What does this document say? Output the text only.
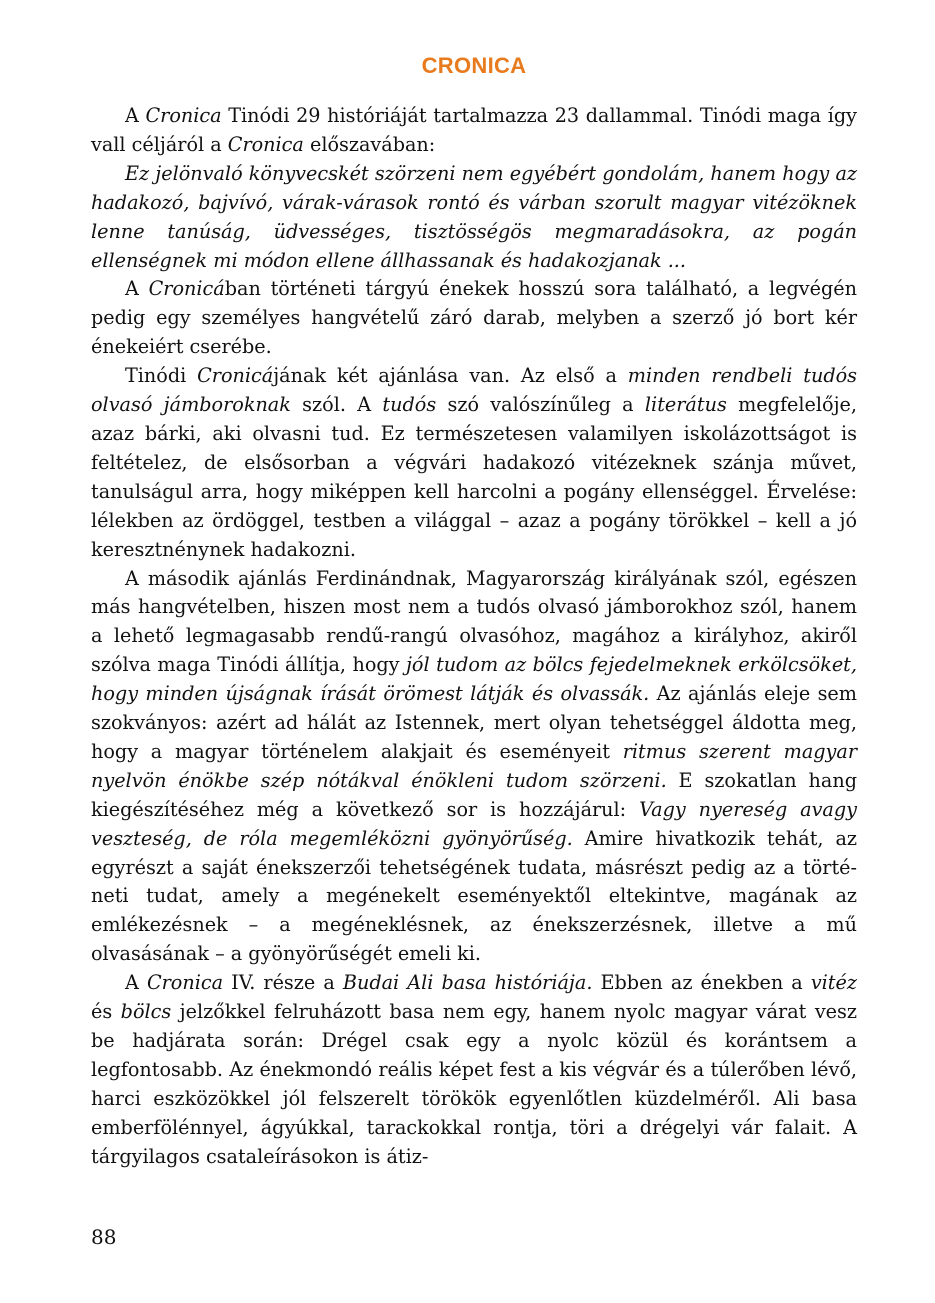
CRONICA

A Cronica Tinódi 29 históriáját tartalmazza 23 dallammal. Tinódi maga így vall céljáról a Cronica előszavában:

Ez jelönvaló könyvecskét szörzeni nem egyébért gondolám, hanem hogy az hadakozó, bajvívó, várak-várasok rontó és várban szorult magyar vitézöknek lenne tanúság, üdvességes, tisztösségös megmaradásokra, az pogán ellenségnek mi módon ellene állhassanak és hadakozjanak ...

A Cronicában történeti tárgyú énekek hosszú sora található, a legvégén pedig egy személyes hangvételű záró darab, melyben a szerző jó bort kér énekeiért cserébe.

Tinódi Cronicájának két ajánlása van. Az első a minden rendbeli tudós olvasó jámboroknak szól. A tudós szó valószínűleg a literátus megfelelője, azaz bárki, aki olvasni tud. Ez természetesen valamilyen iskolázottságot is feltételez, de elsősorban a végvári hadakozó vitézeknek szánja művet, tanulságul arra, hogy miképpen kell harcolni a pogány ellenséggel. Érvelése: lélekben az ördöggel, testben a világgal – azaz a pogány törökkel – kell a jó keresztnénynek hadakozni.

A második ajánlás Ferdinándnak, Magyarország királyának szól, egészen más hangvételben, hiszen most nem a tudós olvasó jámborokhoz szól, hanem a lehető legmagasabb rendű-rangú olvasóhoz, magához a királyhoz, akiről szólva maga Tinódi állítja, hogy jól tudom az bölcs fejedelmeknek erkölcsöket, hogy minden újságnak írását örömest látják és olvassák. Az ajánlás eleje sem szokványos: azért ad hálát az Istennek, mert olyan tehetséggel áldotta meg, hogy a magyar történelem alakjait és eseményeit ritmus szerent magyar nyelvön énökbe szép nótákval énökleni tudom szörzeni. E szokatlan hang kiegészítéséhez még a következő sor is hozzájárul: Vagy nyereség avagy veszteség, de róla megemléközni gyönyörűség. Amire hivatkozik tehát, az egyrészt a saját énekszerzői tehetségének tudata, másrészt pedig az a történeti tudat, amely a megénekelt eseményektől eltekintve, magának az emlékezésnek – a megéneklésnek, az énekszerzésnek, illetve a mű olvasásának – a gyönyörűségét emeli ki.

A Cronica IV. része a Budai Ali basa históriája. Ebben az énekben a vitéz és bölcs jelzőkkel felruházott basa nem egy, hanem nyolc magyar várat vesz be hadjárata során: Drégel csak egy a nyolc közül és korántsem a legfontosabb. Az énekmondó reális képet fest a kis végvár és a túlerőben lévő, harci eszközökkel jól felszerelt törökök egyenlőtlen küzdelméről. Ali basa emberfölénnyel, ágyúkkal, tarackokkal rontja, töri a drégelyi vár falait. A tárgyilagos csataleírásokon is átiz-

88
